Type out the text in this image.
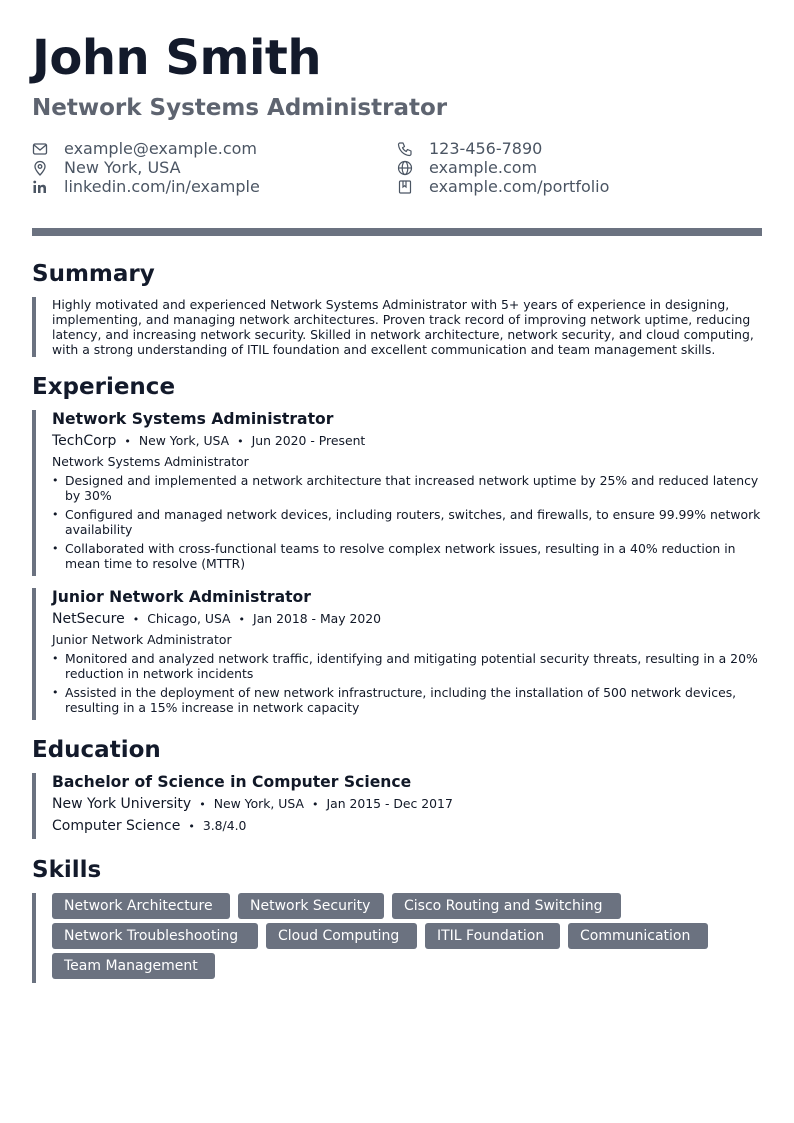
John Smith
Network Systems Administrator
example@example.com	123-456-7890
New York, USA	example.com
linkedin.com/in/example	example.com/portfolio
Summary

Highly motivated and experienced Network Systems Administrator with 5+ years of experience in designing, implementing, and managing network architectures. Proven track record of improving network uptime, reducing latency, and increasing network security. Skilled in network architecture, network security, and cloud computing, with a strong understanding of ITIL foundation and excellent communication and team management skills.

Experience
Network Systems Administrator
TechCorp • New York, USA • Jun 2020 - Present
Network Systems Administrator
• Designed and implemented a network architecture that increased network uptime by 25% and reduced latency by 30%
• Configured and managed network devices, including routers, switches, and firewalls, to ensure 99.99% network availability
• Collaborated with cross-functional teams to resolve complex network issues, resulting in a 40% reduction in mean time to resolve (MTTR)
Junior Network Administrator
NetSecure • Chicago, USA • Jan 2018 - May 2020
Junior Network Administrator
• Monitored and analyzed network traffic, identifying and mitigating potential security threats, resulting in a 20% reduction in network incidents
• Assisted in the deployment of new network infrastructure, including the installation of 500 network devices, resulting in a 15% increase in network capacity
Education
Bachelor of Science in Computer Science
New York University • New York, USA • Jan 2015 - Dec 2017
Computer Science • 3.8/4.0
Skills
Network Architecture	Network Security	Cisco Routing and Switching
Network Troubleshooting	Cloud Computing	ITIL Foundation	Communication
Team Management
